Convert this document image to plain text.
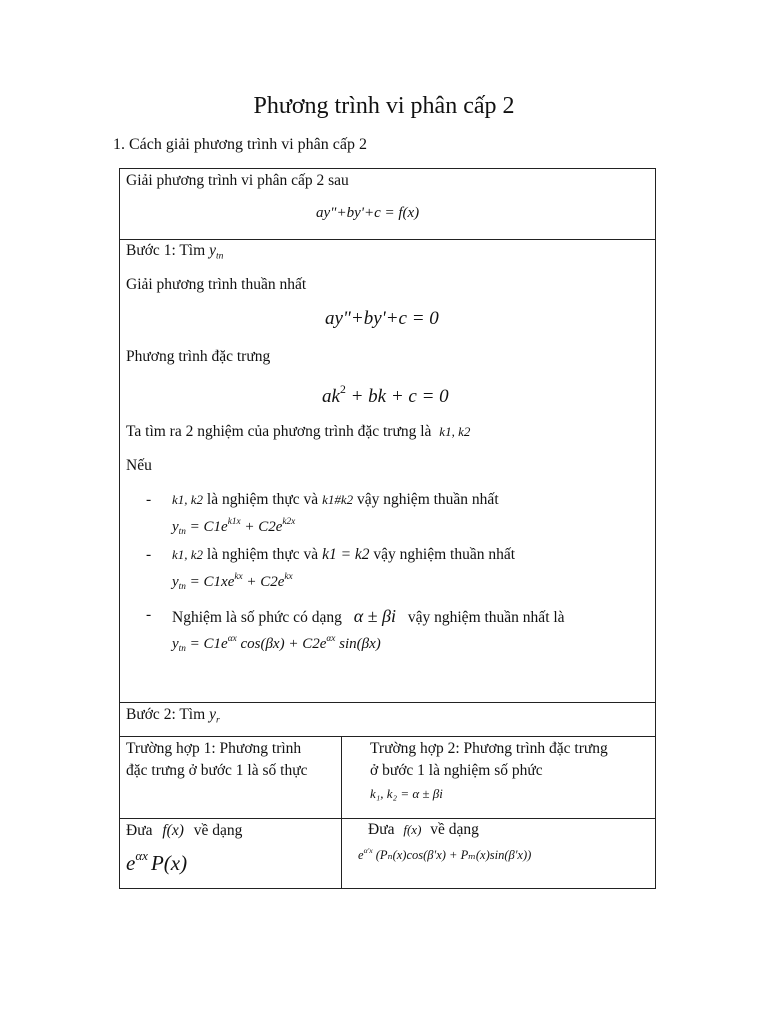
Phương trình vi phân cấp 2
1. Cách giải phương trình vi phân cấp 2
Giải phương trình vi phân cấp 2 sau
ay"+by'+c = f(x)
Bước 1: Tìm $y_{tn}$
Giải phương trình thuần nhất
ay"+by'+c = 0
Phương trình đặc trưng
$ak^2$ + bk + c = 0
Ta tìm ra 2 nghiệm của phương trình đặc trưng là k1, k2
Nếu
- k1, k2 là nghiệm thực và k1#k2 vậy nghiệm thuần nhất
$y_{tn} = C1e^{k1x} + C2e^{k2x}$
- k1, k2 là nghiệm thực và k1 = k2 vậy nghiệm thuần nhất
$y_{tn} = C1xe^{kx} + C2e^{kx}$
- Nghiệm là số phức có dạng α ± βi vậy nghiệm thuần nhất là
$y_{tn} = C1e^{\alpha x}$ $\cos(\beta x) + C2e^{\alpha x}$ sin(βx)
Bước 2: Tìm $y_r$
Trường hợp 1: Phương trình
đặc trưng ở bước 1 là số thực
Trường hợp 2: Phương trình đặc trưng
ở bước 1 là nghiệm số phức
k₁, k₂ = α ± βi
Đưa f(x) về dạng
$e^{\alpha x}$ P(x)
Đưa f(x) về dạng
$e^{\alpha'x}$ (Pₙ(x)cos(β'x) + Pₘ(x)sin(β'x))
